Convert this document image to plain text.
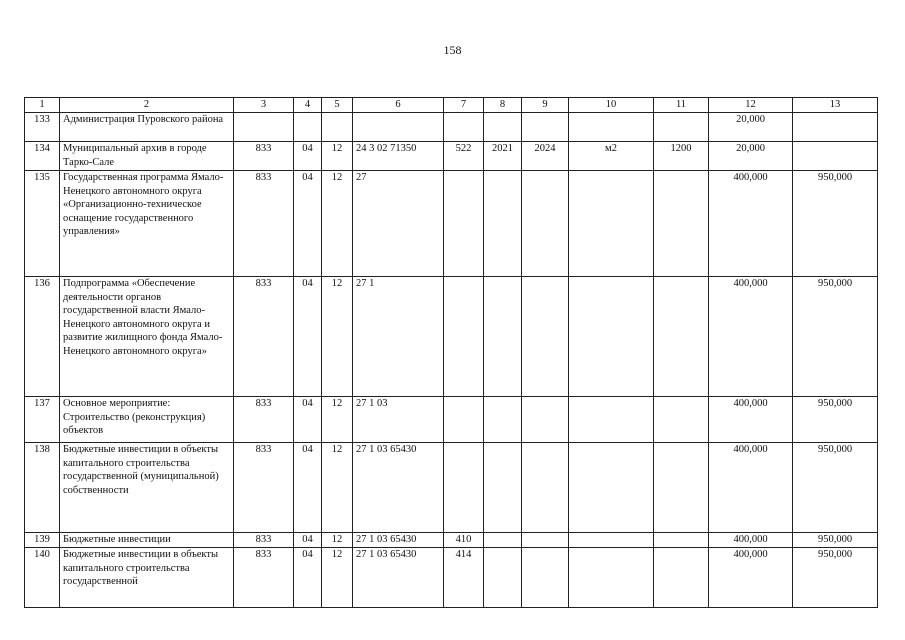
158
1	2	3	4	5	6	7	8	9	10	11	12	13
133	Администрация Пуровского района										20,000	
134	Муниципальный архив в городе Тарко-Сале	833	04	12	24 3 02 71350	522	2021	2024	м2	1200	20,000	
135	Государственная программа Ямало-Ненецкого автономного округа «Организационно-техническое оснащение государственного управления»	833	04	12	27						400,000	950,000
136	Подпрограмма «Обеспечение деятельности органов государственной власти Ямало-Ненецкого автономного округа и развитие жилищного фонда Ямало-Ненецкого автономного округа»	833	04	12	27 1						400,000	950,000
137	Основное мероприятие: Строительство (реконструкция) объектов	833	04	12	27 1 03						400,000	950,000
138	Бюджетные инвестиции в объекты капитального строительства государственной (муниципальной) собственности	833	04	12	27 1 03 65430						400,000	950,000
139	Бюджетные инвестиции	833	04	12	27 1 03 65430	410					400,000	950,000
140	Бюджетные инвестиции в объекты капитального строительства государственной	833	04	12	27 1 03 65430	414					400,000	950,000
